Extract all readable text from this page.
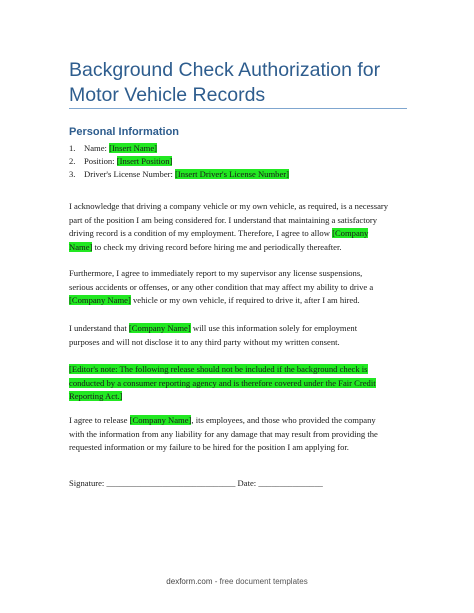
Background Check Authorization for Motor Vehicle Records
Personal Information
1. Name: [Insert Name]
2. Position: [Insert Position]
3. Driver's License Number: [Insert Driver's License Number]

I acknowledge that driving a company vehicle or my own vehicle, as required, is a necessary
part of the position I am being considered for. I understand that maintaining a satisfactory
driving record is a condition of my employment. Therefore, I agree to allow [Company
Name] to check my driving record before hiring me and periodically thereafter.

Furthermore, I agree to immediately report to my supervisor any license suspensions,
serious accidents or offenses, or any other condition that may affect my ability to drive a
[Company Name] vehicle or my own vehicle, if required to drive it, after I am hired.

I understand that [Company Name] will use this information solely for employment
purposes and will not disclose it to any third party without my written consent.

[Editor's note: The following release should not be included if the background check is
conducted by a consumer reporting agency and is therefore covered under the Fair Credit
Reporting Act.]

I agree to release [Company Name], its employees, and those who provided the company
with the information from any liability for any damage that may result from providing the
requested information or my failure to be hired for the position I am applying for.

Signature: ______________________________ Date: _______________

dexform.com - free document templates
